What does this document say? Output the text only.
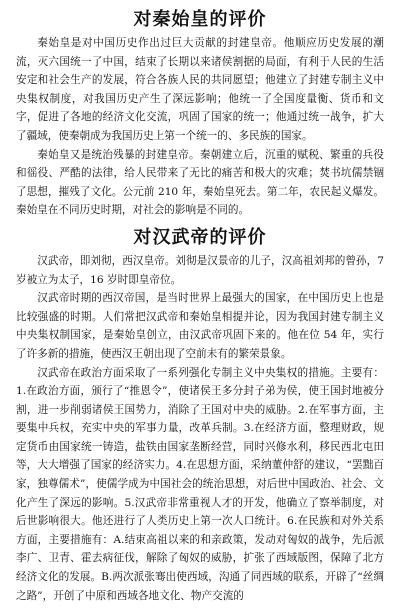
对秦始皇的评价

秦始皇是对中国历史作出过巨大贡献的封建皇帝。他顺应历史发展的潮流，灭六国统一了中国，结束了长期以来诸侯割据的局面，有利于人民的生活安定和社会生产的发展，符合各族人民的共同愿望；他建立了封建专制主义中央集权制度，对我国历史产生了深远影响；他统一了全国度量衡、货币和文字，促进了各地的经济文化交流，巩固了国家的统一；他通过统一战争，扩大了疆域，使秦朝成为我国历史上第一个统一的、多民族的国家。

秦始皇又是统治残暴的封建皇帝。秦朝建立后，沉重的赋税、繁重的兵役和徭役、严酷的法律，给人民带来了无比的痛苦和极大的灾难；焚书坑儒禁锢了思想，摧残了文化。公元前 210 年，秦始皇死去。第二年，农民起义爆发。秦始皇在不同历史时期，对社会的影响是不同的。

对汉武帝的评价

汉武帝，即刘彻，西汉皇帝。刘彻是汉景帝的儿子，汉高祖刘邦的曾孙，7 岁被立为太子，16 岁时即皇帝位。

汉武帝时期的西汉帝国，是当时世界上最强大的国家，在中国历史上也是比较强盛的时期。人们常把汉武帝和秦始皇相提并论，因为我国封建专制主义中央集权制国家，是秦始皇创立，由汉武帝巩固下来的。他在位 54 年，实行了许多新的措施，使西汉王朝出现了空前未有的繁荣景象。

汉武帝在政治方面采取了一系列强化专制主义中央集权的措施。主要有：1.在政治方面，颁行了“推恩令”，使诸侯王多分封子弟为侯，使王国封地被分割，进一步削弱诸侯王国势力，消除了王国对中央的威胁。2.在军事方面，主要集中兵权，充实中央的军事力量，改革兵制。3.在经济方面，整理财政，规定货币由国家统一铸造，盐铁由国家垄断经营，同时兴修水利，移民西北屯田等，大大增强了国家的经济实力。4.在思想方面，采纳董仲舒的建议，“罢黜百家，独尊儒术”，使儒学成为中国社会的统治思想，对后世中国政治、社会、文化产生了深远的影响。5.汉武帝非常重视人才的开发，他确立了察举制度，对后世影响很大。他还进行了人类历史上第一次人口统计。6.在民族和对外关系方面，主要措施有：A.结束高祖以来的和亲政策，发动对匈奴的战争，先后派李广、卫青、霍去病征伐，解除了匈奴的威胁，扩张了西域版图，保障了北方经济文化的发展。B.两次派张骞出使西域，沟通了同西域的联系，开辟了“丝绸之路”，开创了中原和西域各地文化、物产交流的
